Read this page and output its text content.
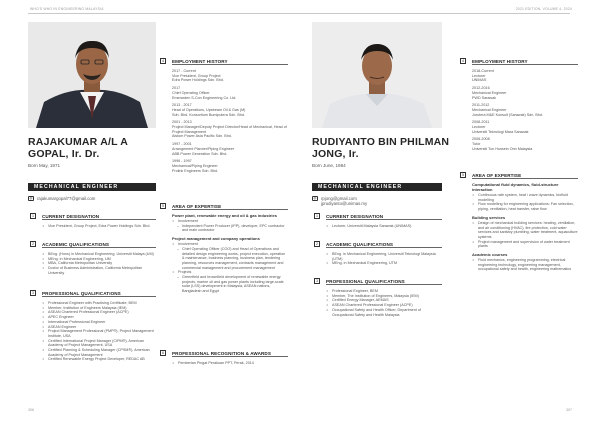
WHO'S WHO IN ENGINEERING MALAYSIA
RAJAKUMAR A/L A
GOPAL, Ir. Dr.
Born May, 1971
MECHANICAL ENGINEER
@ rajakumargopal77@gmail.com
1	CURRENT DESIGNATION
• Vice President, Group Project, Edra Power Holdings Sdn. Bhd.
2	ACADEMIC QUALIFICATIONS
• BEng. (Hons) in Mechanical Engineering, Universiti Malaya (UM)
• MEng. in Mechanical Engineering, UM
• MBA, California Metropolitan University
• Doctor of Business Administration, California Metropolitan University
3	PROFESSIONAL QUALIFICATIONS
• Professional Engineer with Practising Certificate, BEM
• Member, Institution of Engineers Malaysia (IEM)
• ASEAN Chartered Professional Engineer (ACPE)
• APEC Engineer
• International Professional Engineer
• ASEAN Engineer
• Project Management Professional (PMP®), Project Management Institute, USA
• Certified International Project Manager (CIPM®), American Academy of Project Management, USA
• Certified Planning & Scheduling Manager (CPSM®), American Academy of Project Management
• Certified Renewable Energy Project Developer, REDAC AB
4	EMPLOYMENT HISTORY
2017 - Current
Vice President, Group Project
Edra Power Holdings Sdn. Bhd.
2017
Chief Operating Officer
Emerarden S-Con Engineering Co. Ltd.
2013 - 2017
Head of Operations, Upstream Oil & Gas (M)
Sdn. Bhd. Konsortium Bumiputera Sdn. Bhd.
2001 - 2013
Project Manager/Deputy Project Director/Head of Mechanical, Head of Project Management
Alstom Power Asia Pacific Sdn. Bhd.
1997 - 2001
Arrangement Planner/Piping Engineer
ABB Power Generation Sdn. Bhd.
1996 - 1997
Mechanical/Piping Engineer
Prolink Engineers Sdn. Bhd.
5	AREA OF EXPERTISE
Power plant, renewable energy and oil & gas industries
• Involvement
– Independent Power Producer (IPP), developer, EPC contractor and main contractor
Project management and company operations
• Involvement
– Chief Operating Officer (COO) and Head of Operations and detailed design engineering works, project execution, operation & maintenance, business planning, business plan, tendering planning, resources management, contracts management and commercial management and procurement management
• Projects
– Greenfield and brownfield development of renewable energy projects, marine oil and gas power plants including large-scale solar (LSS) development in Malaysia, ASEAN nations, Bangladesh and Egypt
6	PROFESSIONAL RECOGNITION & AWARDS
• Pemberian Pingat Perakuan PPT, Perak, 2014
306
2021 EDITION, VOLUME 4, 2024
RUDIYANTO BIN PHILMAN
JONG, Ir.
Born June, 1984
MECHANICAL ENGINEER
@ rpjong@gmail.com
jprudiyanto@unimas.my
1	CURRENT DESIGNATION
• Lecturer, Universiti Malaysia Sarawak (UNIMAS)
2	ACADEMIC QUALIFICATIONS
• BEng. in Mechanical Engineering, Universiti Teknologi Malaysia (UTM)
• MEng. in Mechanical Engineering, UTM
3	PROFESSIONAL QUALIFICATIONS
• Professional Engineer, BEM
• Member, The Institution of Engineers, Malaysia (IEM)
• Certified Energy Manager, AEMAS
• ASEAN Chartered Professional Engineer (ACPE)
• Occupational Safety and Health Officer, Department of Occupational Safety and Health Malaysia
4	EMPLOYMENT HISTORY
2018-Current
Lecturer
UNIMAS
2012-2016
Mechanical Engineer
PWD Sarawak
2011-2012
Mechanical Engineer
Jurutera M&E Konsult (Sarawak) Sdn. Bhd.
2008-2011
Lecturer
Universiti Teknologi Mara Sarawak
2006-2008
Tutor
Universiti Tun Hussein Onn Malaysia
5	AREA OF EXPERTISE
Computational fluid dynamics, fluid-structure interaction
• Continuous rate system, heat / wave dynamics, biofluid modelling
• Flow modelling for engineering applications: Fan selection, piping, ventilation, heat transfer, raise flow
Building services
• Design of mechanical building services: heating, ventilation, and air conditioning (HVAC), fire protection, cold water services and sanitary plumbing, water treatment, aquaculture systems
• Project management and supervision of water treatment plants
Academic courses
• Fluid mechanics, engineering programming, electrical engineering technology, engineering management, occupational safety and health, engineering mathematics
307
